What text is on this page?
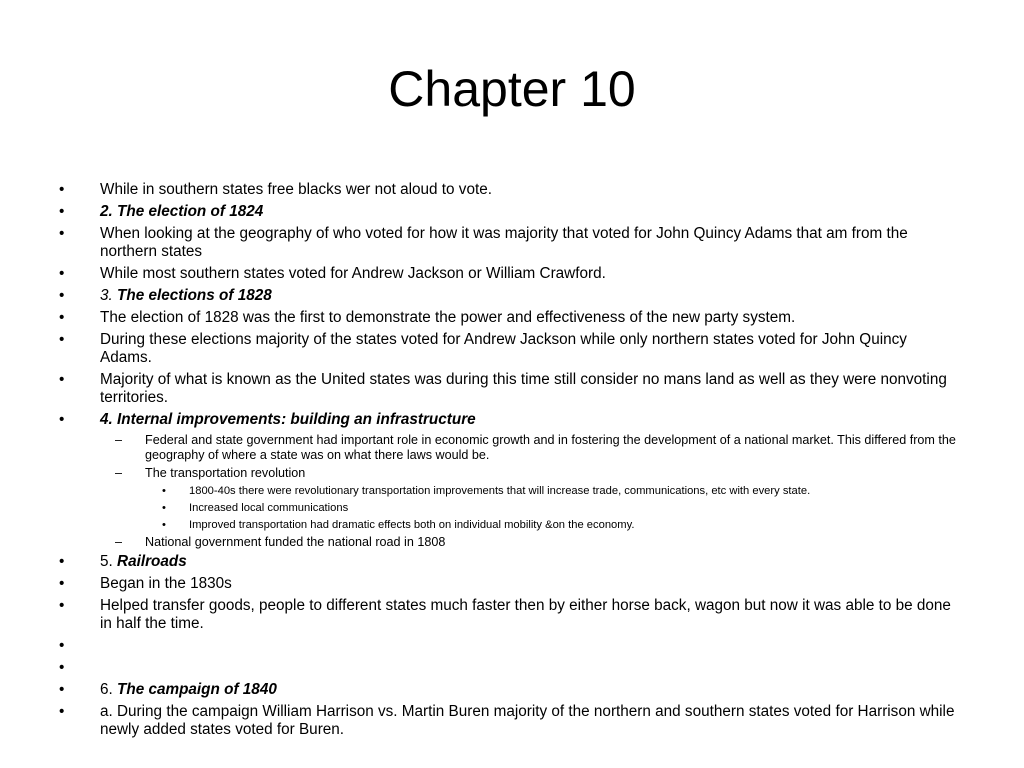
Chapter 10
• While in southern states free blacks wer not aloud to vote.
• 2. The election of 1824
• When looking at the geography of who voted for how it was majority that voted for John Quincy Adams that am from the northern states
• While most southern states voted for Andrew Jackson or William Crawford.
• 3. The elections of 1828
• The election of 1828 was the first to demonstrate the power and effectiveness of the new party system.
• During these elections majority of the states voted for Andrew Jackson while only northern states voted for John Quincy Adams.
• Majority of what is known as the United states was during this time still consider no mans land as well as they were nonvoting territories.
• 4. Internal improvements: building an infrastructure
– Federal and state government had important role in economic growth and in fostering the development of a national market. This differed from the geography of where a state was on what there laws would be.
– The transportation revolution
• 1800-40s there were revolutionary transportation improvements that will increase trade, communications, etc with every state.
• Increased local communications
• Improved transportation had dramatic effects both on individual mobility &on the economy.
– National government funded the national road in 1808
• 5. Railroads
• Began in the 1830s
• Helped transfer goods, people to different states much faster then by either horse back, wagon but now it was able to be done in half the time.
•

•

• 6. The campaign of 1840
• a. During the campaign William Harrison vs. Martin Buren majority of the northern and southern states voted for Harrison while newly added states voted for Buren.
